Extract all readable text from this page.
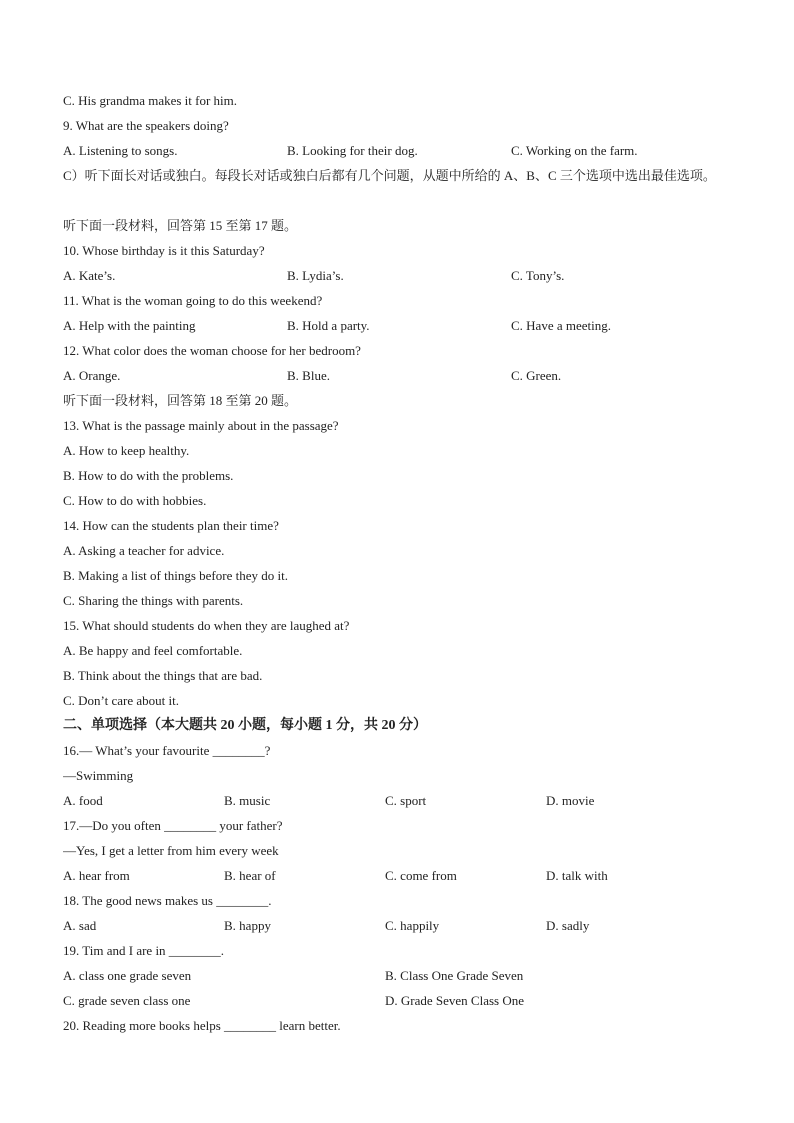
C. His grandma makes it for him.
9. What are the speakers doing?
A. Listening to songs.	B. Looking for their dog.	C. Working on the farm.
C）听下面长对话或独白。每段长对话或独白后都有几个问题，从题中所给的 A、B、C 三个选项中选出最佳选项。
听下面一段材料，回答第 15 至第 17 题。
10. Whose birthday is it this Saturday?
A. Kate’s.	B. Lydia’s.	C. Tony’s.
11. What is the woman going to do this weekend?
A. Help with the painting	B. Hold a party.	C. Have a meeting.
12. What color does the woman choose for her bedroom?
A. Orange.	B. Blue.	C. Green.
听下面一段材料，回答第 18 至第 20 题。
13. What is the passage mainly about in the passage?
A. How to keep healthy.
B. How to do with the problems.
C. How to do with hobbies.
14. How can the students plan their time?
A. Asking a teacher for advice.
B. Making a list of things before they do it.
C. Sharing the things with parents.
15. What should students do when they are laughed at?
A. Be happy and feel comfortable.
B. Think about the things that are bad.
C. Don’t care about it.
二、单项选择（本大题共 20 小题，每小题 1 分，共 20 分）
16.— What’s your favourite ________?
—Swimming
A. food	B. music	C. sport	D. movie
17.—Do you often ________ your father?
—Yes, I get a letter from him every week
A. hear from	B. hear of	C. come from	D. talk with
18. The good news makes us ________.
A. sad	B. happy	C. happily	D. sadly
19. Tim and I are in ________.
A. class one grade seven	B. Class One Grade Seven
C. grade seven class one	D. Grade Seven Class One
20. Reading more books helps ________ learn better.
